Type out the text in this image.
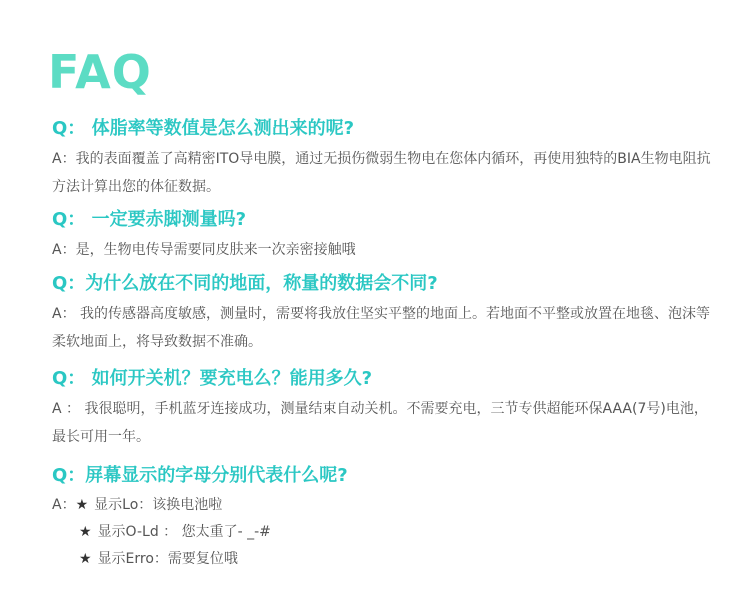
FAQ
Q： 体脂率等数值是怎么测出来的呢?

A：我的表面覆盖了高精密ITO导电膜，通过无损伤微弱生物电在您体内循环，再使用独特的BIA生物电阻抗方法计算出您的体征数据。

Q： 一定要赤脚测量吗?

A：是，生物电传导需要同皮肤来一次亲密接触哦

Q：为什么放在不同的地面，称量的数据会不同?

A： 我的传感器高度敏感，测量时，需要将我放住坚实平整的地面上。若地面不平整或放置在地毯、泡沫等柔软地面上，将导致数据不准确。

Q： 如何开关机？要充电么？能用多久?

A ： 我很聪明，手机蓝牙连接成功，测量结束自动关机。不需要充电，三节专供超能环保AAA(7号)电池，最长可用一年。

Q：屏幕显示的字母分别代表什么呢?
A：★ 显示Lo：该换电池啦
★ 显示O-Ld ： 您太重了- _-#
★ 显示Erro：需要复位哦
